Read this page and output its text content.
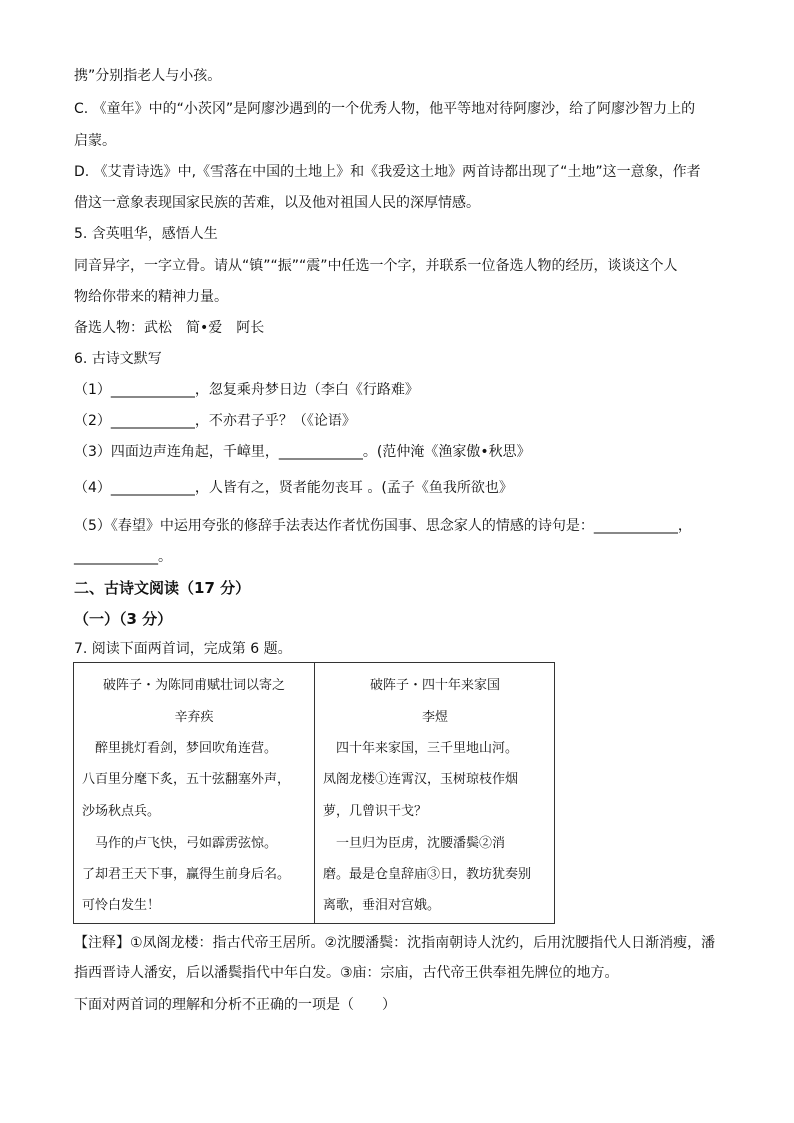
携”分别指老人与小孩。
C. 《童年》中的“小茨冈”是阿廖沙遇到的一个优秀人物，他平等地对待阿廖沙，给了阿廖沙智力上的
启蒙。
D. 《艾青诗选》中,《雪落在中国的土地上》和《我爱这土地》两首诗都出现了“土地”这一意象，作者
借这一意象表现国家民族的苦难，以及他对祖国人民的深厚情感。
5. 含英咀华，感悟人生
同音异字，一字立骨。请从“镇”“振”“震”中任选一个字，并联系一位备选人物的经历，谈谈这个人
物给你带来的精神力量。
备选人物：武松　简•爱　阿长
6. 古诗文默写
（1）____________，忽复乘舟梦日边（李白《行路难》
（2）____________，不亦君子乎？（《论语》
（3）四面边声连角起，千嶂里，____________。(范仲淹《渔家傲•秋思》
（4）____________，人皆有之，贤者能勿丧耳 。(孟子《鱼我所欲也》
（5）《春望》中运用夸张的修辞手法表达作者忧伤国事、思念家人的情感的诗句是：____________，
____________。
二、古诗文阅读（17 分）
（一）（3 分）
7. 阅读下面两首词，完成第 6 题。
破阵子・为陈同甫赋壮词以寄之
辛弃疾
　醉里挑灯看剑，梦回吹角连营。
八百里分麾下炙，五十弦翻塞外声，
沙场秋点兵。
　马作的卢飞快，弓如霹雳弦惊。
了却君王天下事，赢得生前身后名。
可怜白发生！
破阵子・四十年来家国
李煜
　四十年来家国，三千里地山河。
凤阁龙楼①连霄汉，玉树琼枝作烟
萝，几曾识干戈？
　一旦归为臣虏，沈腰潘鬓②消
磨。最是仓皇辞庙③日，教坊犹奏别
离歌，垂泪对宫娥。
【注释】①凤阁龙楼：指古代帝王居所。②沈腰潘鬓：沈指南朝诗人沈约，后用沈腰指代人日渐消瘦，潘指西晋诗人潘安，后以潘鬓指代中年白发。③庙：宗庙，古代帝王供奉祖先牌位的地方。
下面对两首词的理解和分析不正确的一项是（　　）
